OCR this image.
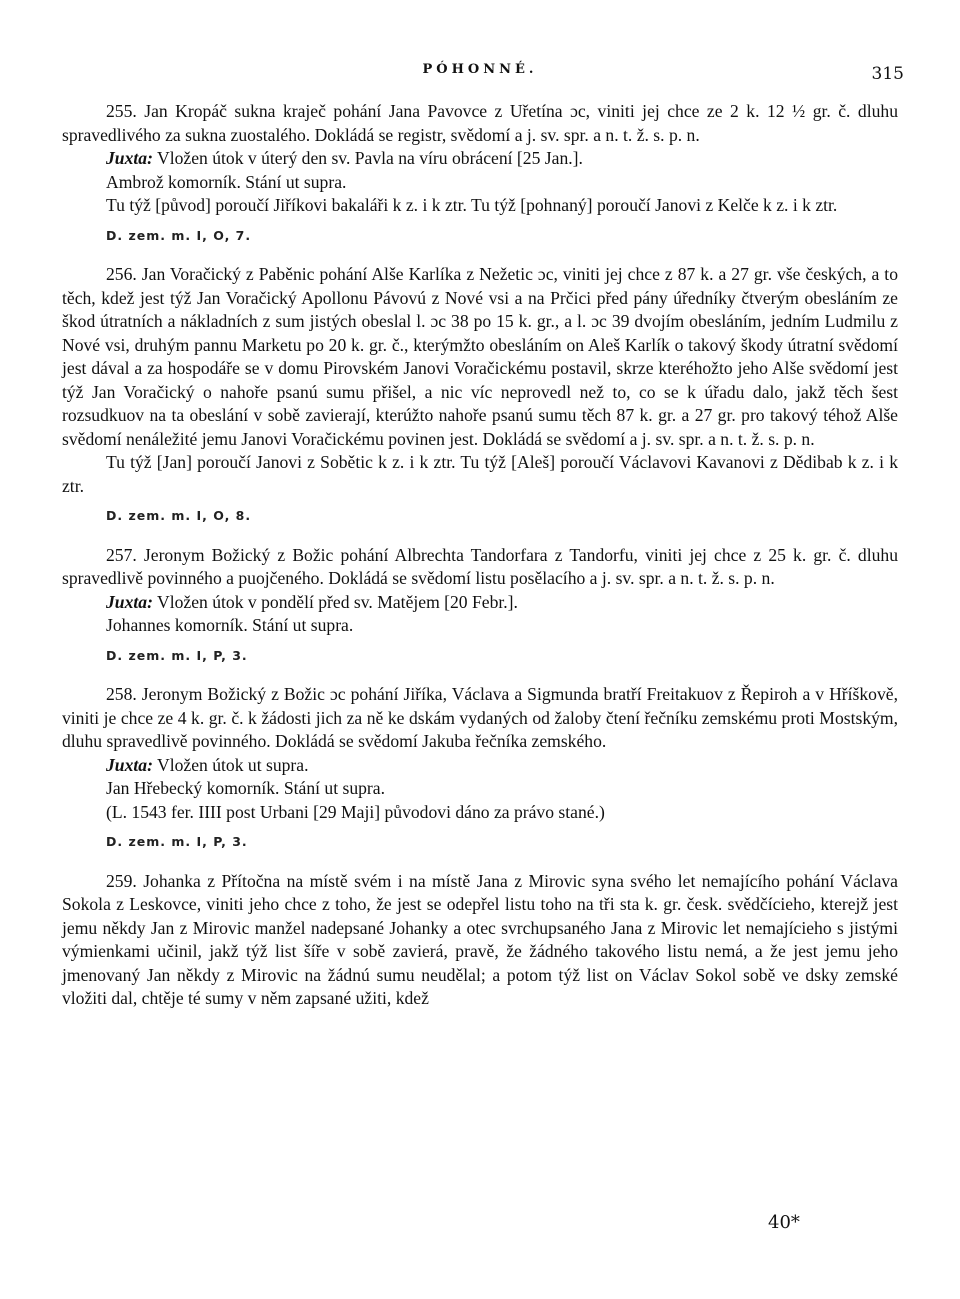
PÓHONNÉ.	315

255. Jan Kropáč sukna kraječ pohání Jana Pavovce z Uřetína ɔc, viniti jej chce ze 2 k. 12 ½ gr. č. dluhu spravedlivého za sukna zuostalého. Dokládá se registr, svědomí a j. sv. spr. a n. t. ž. s. p. n.

Juxta: Vložen útok v úterý den sv. Pavla na víru obrácení [25 Jan.].

Ambrož komorník. Stání ut supra.

Tu týž [původ] poroučí Jiříkovi bakaláři k z. i k ztr. Tu týž [pohnaný] poroučí Janovi z Kelče k z. i k ztr.

D. zem. m. I, O, 7.

256. Jan Voračický z Paběnic pohání Alše Karlíka z Nežetic ɔc, viniti jej chce z 87 k. a 27 gr. vše českých, a to těch, kdež jest týž Jan Voračický Apollonu Pávovú z Nové vsi a na Prčici před pány úředníky čtverým obesláním ze škod útratních a nákladních z sum jistých obeslal l. ɔc 38 po 15 k. gr., a l. ɔc 39 dvojím obesláním, jedním Ludmilu z Nové vsi, druhým pannu Marketu po 20 k. gr. č., kterýmžto obesláním on Aleš Karlík o takový škody útratní svědomí jest dával a za hospodáře se v domu Pirovském Janovi Voračickému postavil, skrze kteréhožto jeho Alše svědomí jest týž Jan Voračický o nahoře psanú sumu přišel, a nic víc neprovedl než to, co se k úřadu dalo, jakž těch šest rozsudkuov na ta obeslání v sobě zavierají, kterúžto nahoře psanú sumu těch 87 k. gr. a 27 gr. pro takový téhož Alše svědomí nenáležité jemu Janovi Voračickému povinen jest. Dokládá se svědomí a j. sv. spr. a n. t. ž. s. p. n.

Tu týž [Jan] poroučí Janovi z Sobětic k z. i k ztr. Tu týž [Aleš] poroučí Václavovi Kavanovi z Dědibab k z. i k ztr.

D. zem. m. I, O, 8.

257. Jeronym Božický z Božic pohání Albrechta Tandorfara z Tandorfu, viniti jej chce z 25 k. gr. č. dluhu spravedlivě povinného a puojčeného. Dokládá se svědomí listu posělacího a j. sv. spr. a n. t. ž. s. p. n.

Juxta: Vložen útok v pondělí před sv. Matějem [20 Febr.].

Johannes komorník. Stání ut supra.

D. zem. m. I, P, 3.

258. Jeronym Božický z Božic ɔc pohání Jiříka, Václava a Sigmunda bratří Freitakuov z Řepiroh a v Hříškově, viniti je chce ze 4 k. gr. č. k žádosti jich za ně ke dskám vydaných od žaloby čtení řečníku zemskému proti Mostským, dluhu spravedlivě povinného. Dokládá se svědomí Jakuba řečníka zemského.

Juxta: Vložen útok ut supra.

Jan Hřebecký komorník. Stání ut supra.

(L. 1543 fer. IIII post Urbani [29 Maji] původovi dáno za právo stané.)

D. zem. m. I, P, 3.

259. Johanka z Přítočna na místě svém i na místě Jana z Mirovic syna svého let nemajícího pohání Václava Sokola z Leskovce, viniti jeho chce z toho, že jest se odepřel listu toho na tři sta k. gr. česk. svědčícieho, kterejž jest jemu někdy Jan z Mirovic manžel nadepsané Johanky a otec svrchupsaného Jana z Mirovic let nemajícieho s jistými výmienkami učinil, jakž týž list šíře v sobě zavierá, pravě, že žádného takového listu nemá, a že jest jemu jeho jmenovaný Jan někdy z Mirovic na žádnú sumu neudělal; a potom týž list on Václav Sokol sobě ve dsky zemské vložiti dal, chtěje té sumy v něm zapsané užiti, kdež

40*
